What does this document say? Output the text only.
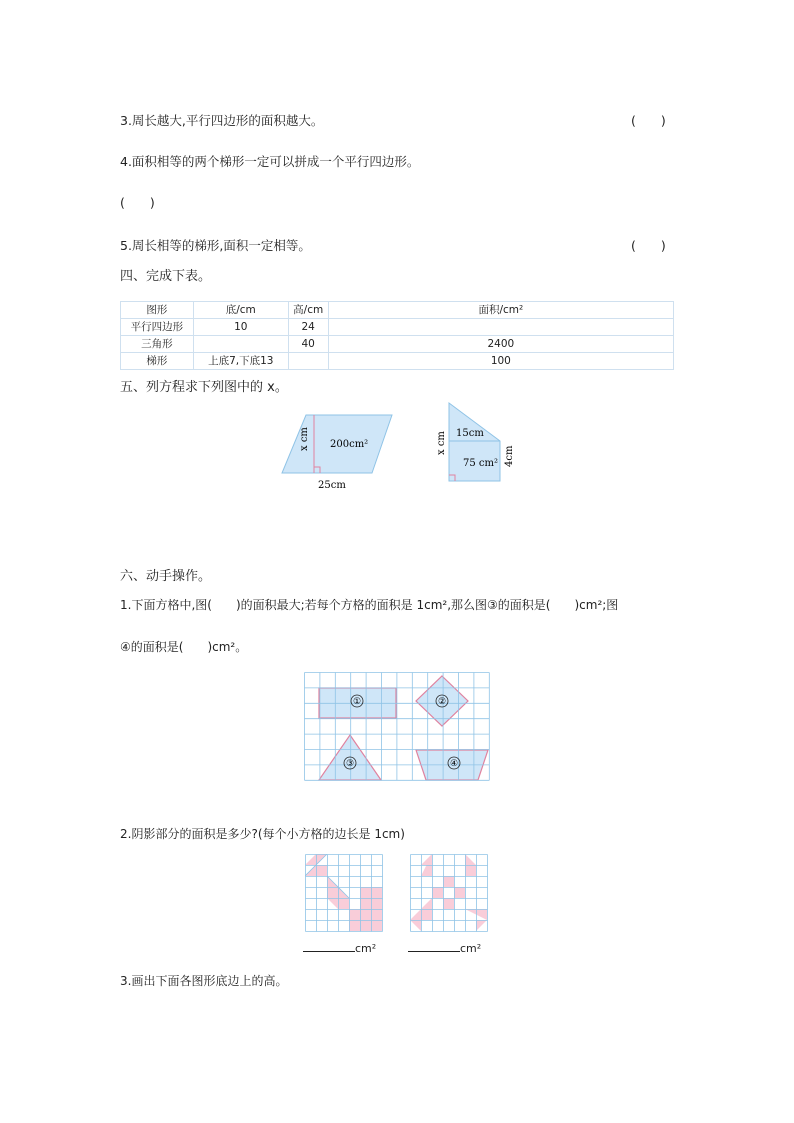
3.周长越大,平行四边形的面积越大。	(　　)
4.面积相等的两个梯形一定可以拼成一个平行四边形。
(　　)
5.周长相等的梯形,面积一定相等。	(　　)
四、完成下表。
图形	底/cm	高/cm	面积/cm²
平行四边形	10	24	
三角形		40	2400
梯形	上底7,下底13		100
五、列方程求下列图中的 x。
200cm²
x cm
25cm
15cm
x cm
75 cm² 4cm
六、动手操作。
1.下面方格中,图(　　)的面积最大;若每个方格的面积是 1cm²,那么图③的面积是(　　)cm²;图
④的面积是(　　)cm²。
①	②
③	④
2.阴影部分的面积是多少?(每个小方格的边长是 1cm)
cm²	cm²
3.画出下面各图形底边上的高。
